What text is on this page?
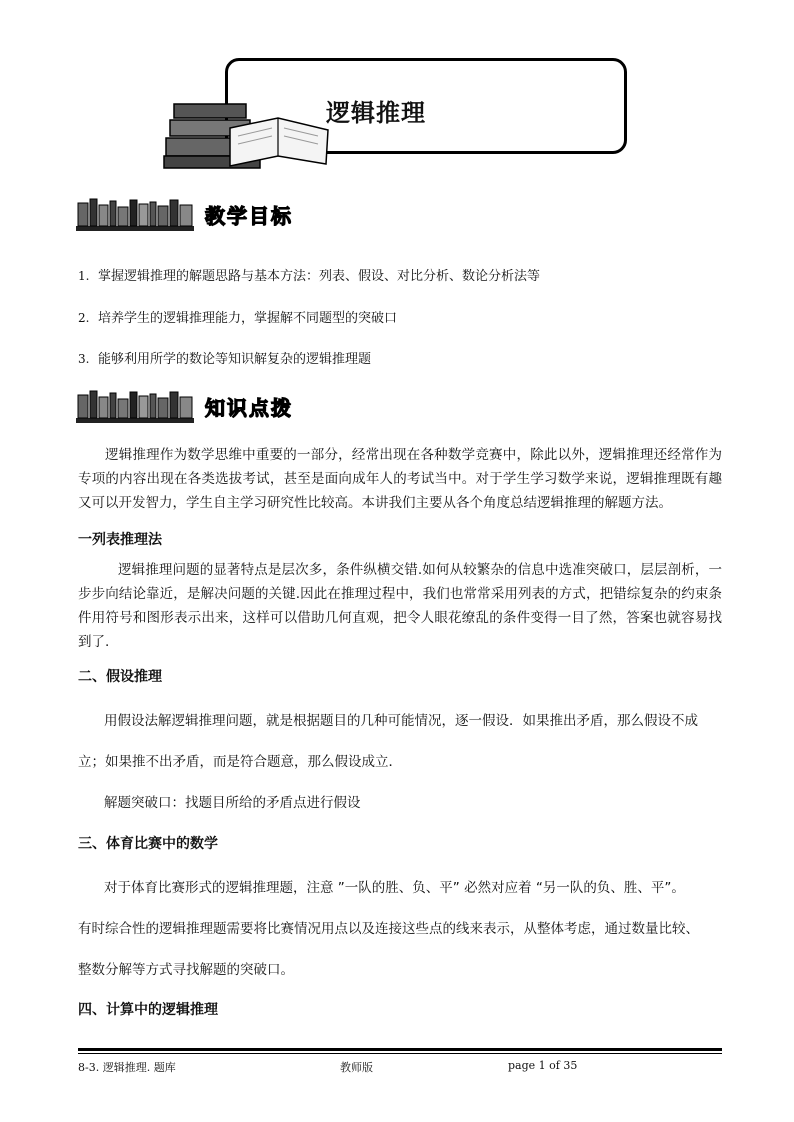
逻辑推理
教学目标
1. 掌握逻辑推理的解题思路与基本方法：列表、假设、对比分析、数论分析法等
2. 培养学生的逻辑推理能力，掌握解不同题型的突破口
3. 能够利用所学的数论等知识解复杂的逻辑推理题
知识点拨

逻辑推理作为数学思维中重要的一部分，经常出现在各种数学竞赛中，除此以外，逻辑推理还经常作为专项的内容出现在各类选拔考试，甚至是面向成年人的考试当中。对于学生学习数学来说，逻辑推理既有趣又可以开发智力，学生自主学习研究性比较高。本讲我们主要从各个角度总结逻辑推理的解题方法。

一列表推理法

逻辑推理问题的显著特点是层次多，条件纵横交错.如何从较繁杂的信息中选准突破口，层层剖析，一步步向结论靠近，是解决问题的关键.因此在推理过程中，我们也常常采用列表的方式，把错综复杂的约束条件用符号和图形表示出来，这样可以借助几何直观，把令人眼花缭乱的条件变得一目了然，答案也就容易找到了.

二、假设推理
用假设法解逻辑推理问题，就是根据题目的几种可能情况，逐一假设．如果推出矛盾，那么假设不成
立；如果推不出矛盾，而是符合题意，那么假设成立．
解题突破口：找题目所给的矛盾点进行假设
三、体育比赛中的数学
对于体育比赛形式的逻辑推理题，注意 ”一队的胜、负、平” 必然对应着 “另一队的负、胜、平”。
有时综合性的逻辑推理题需要将比赛情况用点以及连接这些点的线来表示，从整体考虑，通过数量比较、
整数分解等方式寻找解题的突破口。
四、计算中的逻辑推理
8-3. 逻辑推理. 题库	教师版	page 1 of 35
